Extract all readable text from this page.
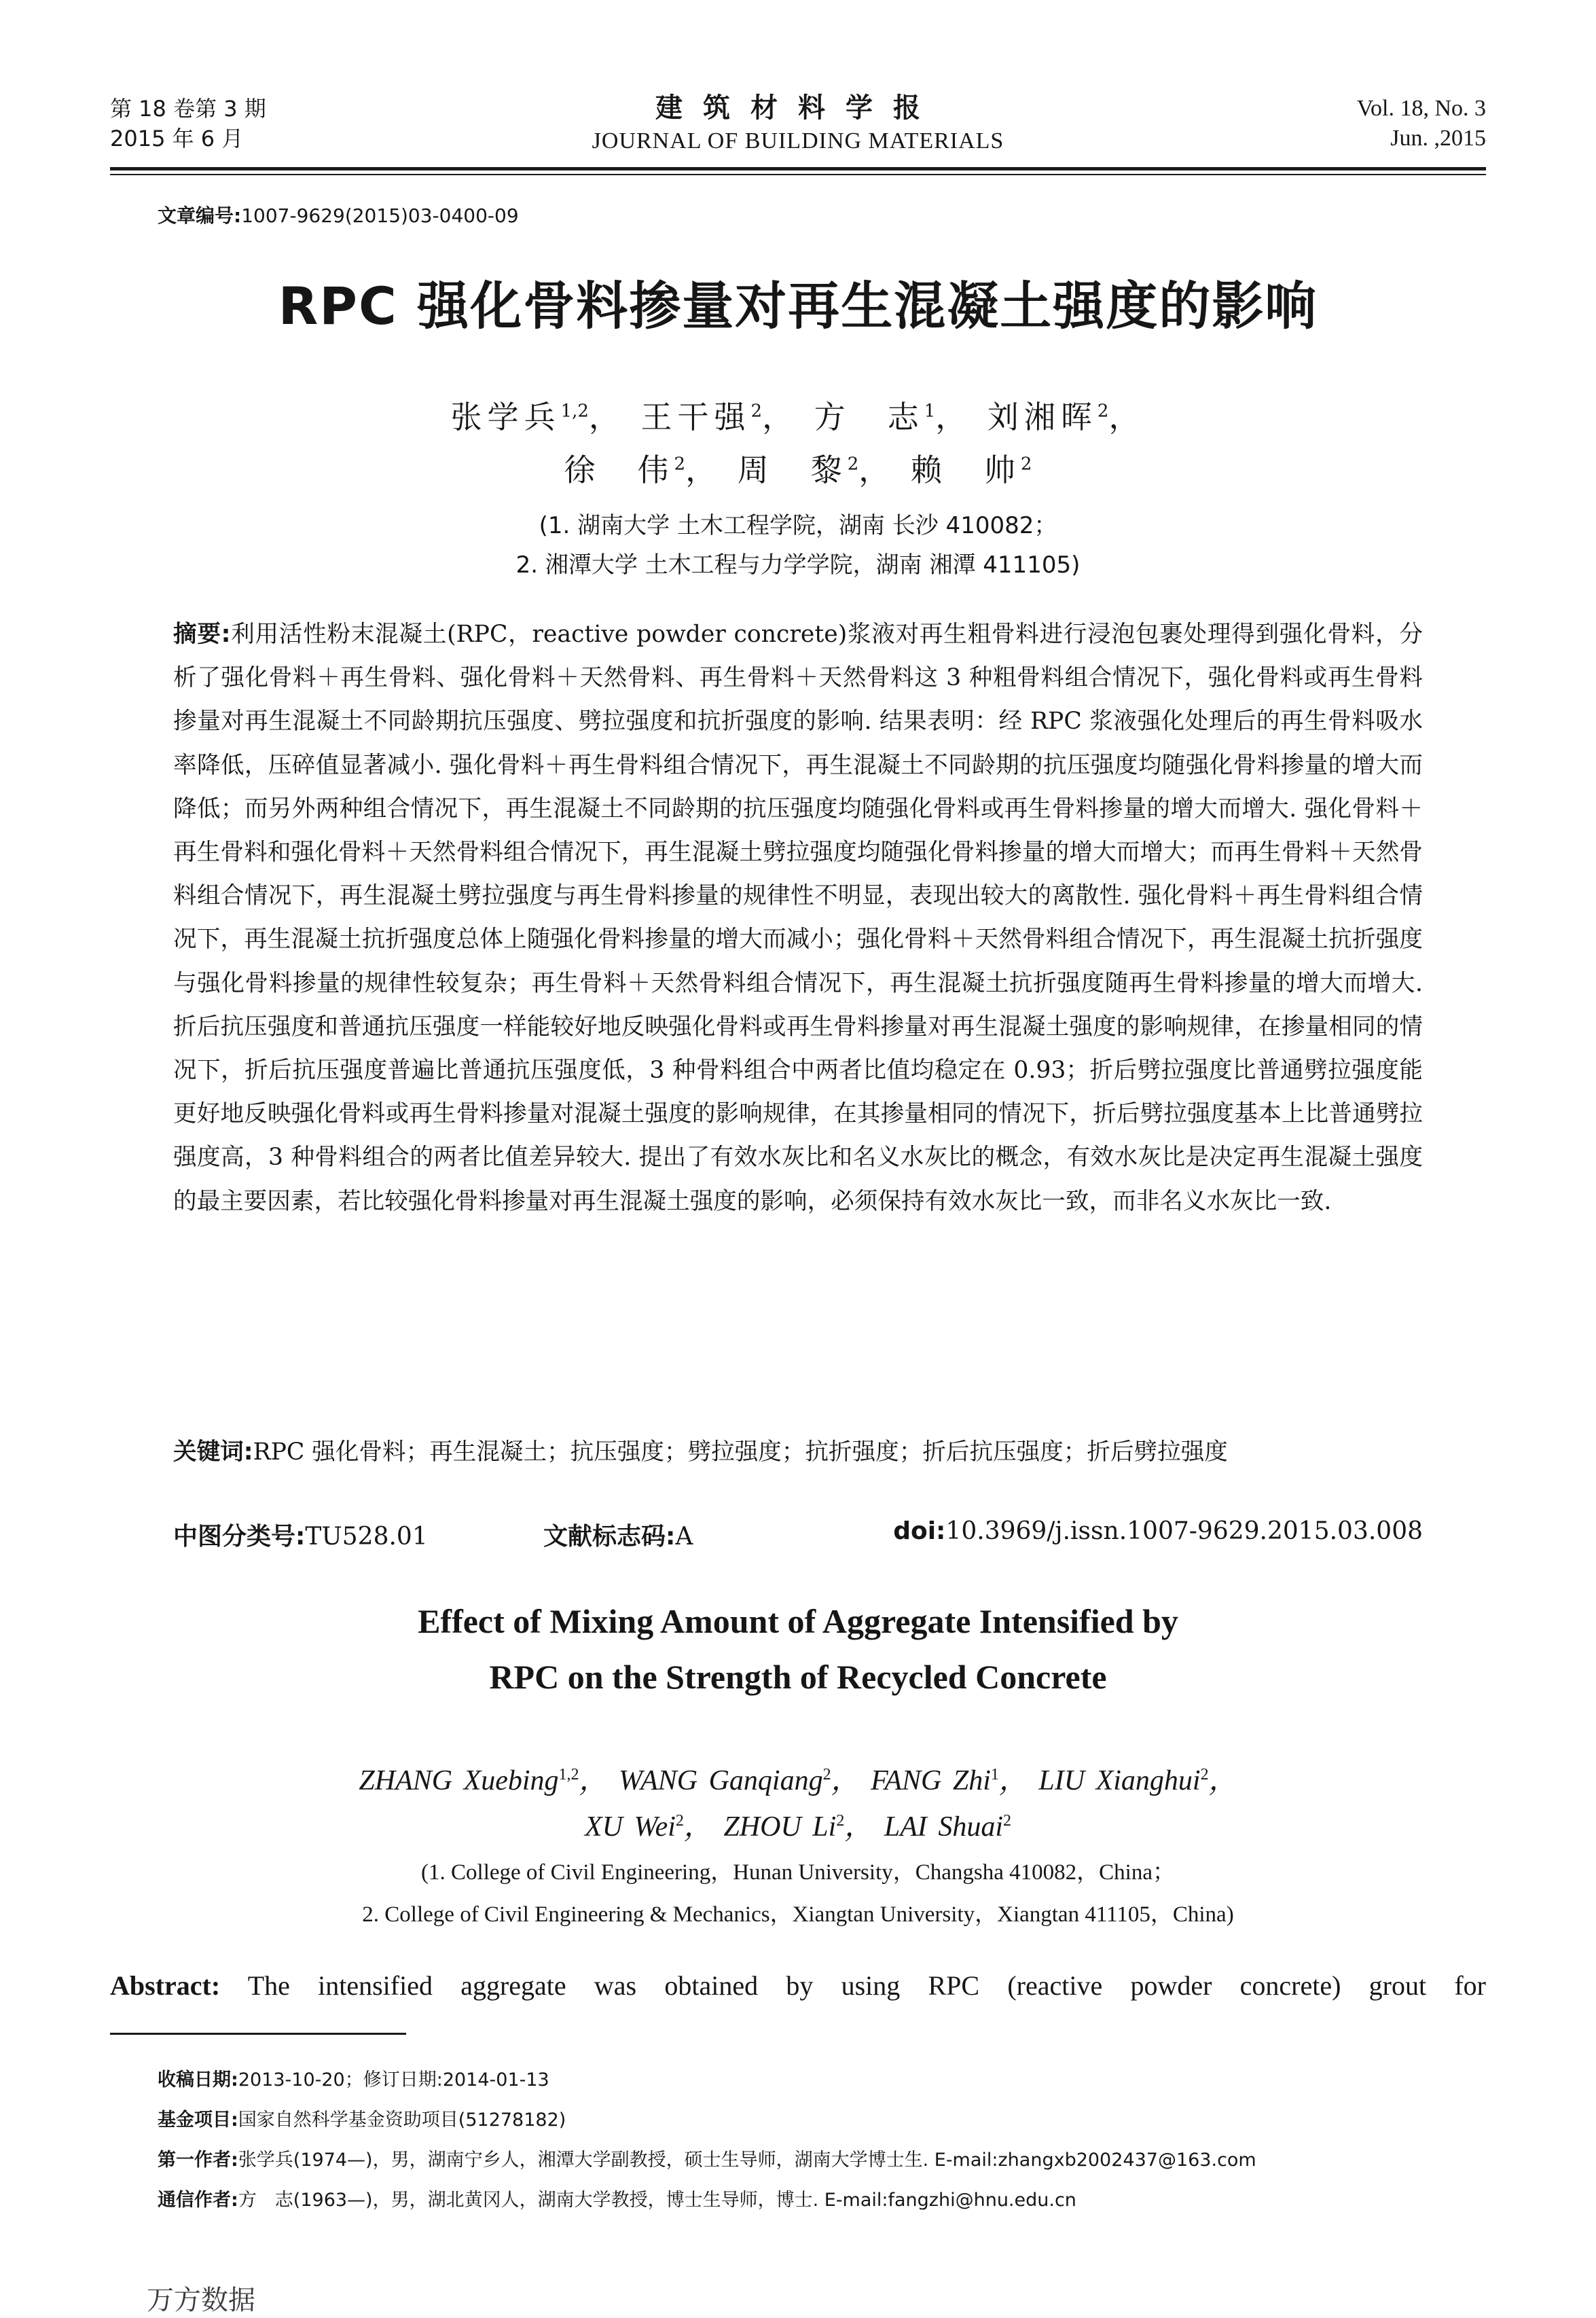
第 18 卷第 3 期
2015 年 6 月
建筑材料学报
JOURNAL OF BUILDING MATERIALS
Vol. 18, No. 3
Jun. ,2015
文章编号:1007-9629(2015)03-0400-09
RPC 强化骨料掺量对再生混凝土强度的影响
张学兵$^{1,2}$， 王干强$^2$， 方　志$^1$， 刘湘晖$^2$，
徐　伟$^2$， 周　黎$^2$， 赖　帅$^2$
(1. 湖南大学 土木工程学院，湖南 长沙 410082；
2. 湘潭大学 土木工程与力学学院，湖南 湘潭 411105)
摘要:利用活性粉末混凝土(RPC，reactive powder concrete)浆液对再生粗骨料进行浸泡包裹处理得到强化骨料，分析了强化骨料＋再生骨料、强化骨料＋天然骨料、再生骨料＋天然骨料这 3 种粗骨料组合情况下，强化骨料或再生骨料掺量对再生混凝土不同龄期抗压强度、劈拉强度和抗折强度的影响. 结果表明：经 RPC 浆液强化处理后的再生骨料吸水率降低，压碎值显著减小. 强化骨料＋再生骨料组合情况下，再生混凝土不同龄期的抗压强度均随强化骨料掺量的增大而降低；而另外两种组合情况下，再生混凝土不同龄期的抗压强度均随强化骨料或再生骨料掺量的增大而增大. 强化骨料＋再生骨料和强化骨料＋天然骨料组合情况下，再生混凝土劈拉强度均随强化骨料掺量的增大而增大；而再生骨料＋天然骨料组合情况下，再生混凝土劈拉强度与再生骨料掺量的规律性不明显，表现出较大的离散性. 强化骨料＋再生骨料组合情况下，再生混凝土抗折强度总体上随强化骨料掺量的增大而减小；强化骨料＋天然骨料组合情况下，再生混凝土抗折强度与强化骨料掺量的规律性较复杂；再生骨料＋天然骨料组合情况下，再生混凝土抗折强度随再生骨料掺量的增大而增大. 折后抗压强度和普通抗压强度一样能较好地反映强化骨料或再生骨料掺量对再生混凝土强度的影响规律，在掺量相同的情况下，折后抗压强度普遍比普通抗压强度低，3 种骨料组合中两者比值均稳定在 0.93；折后劈拉强度比普通劈拉强度能更好地反映强化骨料或再生骨料掺量对混凝土强度的影响规律，在其掺量相同的情况下，折后劈拉强度基本上比普通劈拉强度高，3 种骨料组合的两者比值差异较大. 提出了有效水灰比和名义水灰比的概念，有效水灰比是决定再生混凝土强度的最主要因素，若比较强化骨料掺量对再生混凝土强度的影响，必须保持有效水灰比一致，而非名义水灰比一致.
关键词:RPC 强化骨料；再生混凝土；抗压强度；劈拉强度；抗折强度；折后抗压强度；折后劈拉强度
中图分类号:TU528.01	文献标志码:A	doi:10.3969/j.issn.1007-9629.2015.03.008
Effect of Mixing Amount of Aggregate Intensified by
RPC on the Strength of Recycled Concrete
ZHANG Xuebing$^{1,2}$， WANG Ganqiang$^2$， FANG Zhi$^1$， LIU Xianghui$^2$，
XU Wei$^2$， ZHOU Li$^2$， LAI Shuai$^2$
(1. College of Civil Engineering，Hunan University，Changsha 410082，China；
2. College of Civil Engineering & Mechanics，Xiangtan University，Xiangtan 411105，China)
Abstract: The intensified aggregate was obtained by using RPC (reactive powder concrete) grout for
收稿日期:2013-10-20；修订日期:2014-01-13
基金项目:国家自然科学基金资助项目(51278182)
第一作者:张学兵(1974—)，男，湖南宁乡人，湘潭大学副教授，硕士生导师，湖南大学博士生. E-mail:zhangxb2002437@163.com
通信作者:方　志(1963—)，男，湖北黄冈人，湖南大学教授，博士生导师，博士. E-mail:fangzhi@hnu.edu.cn
万方数据
